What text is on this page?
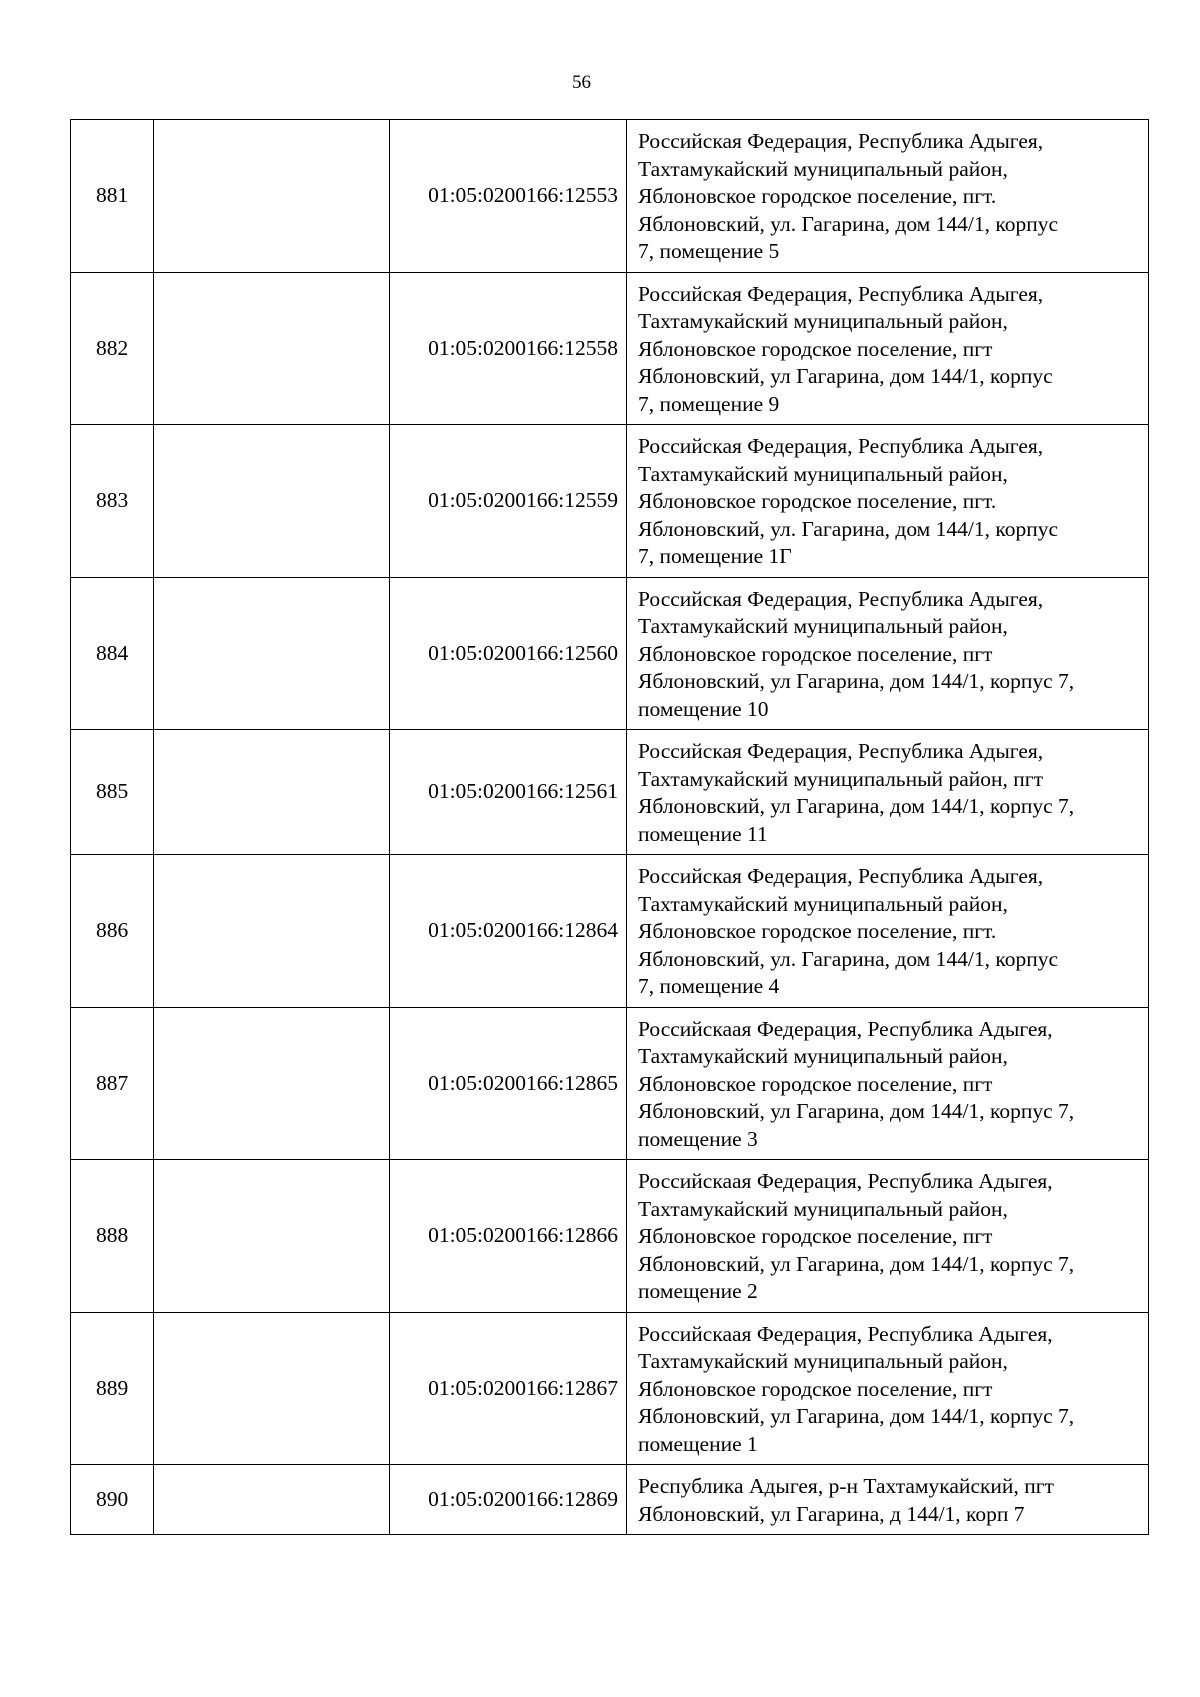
56
881		01:05:0200166:12553	Российская Федерация, Республика Адыгея,
Тахтамукайский муниципальный район,
Яблоновское городское поселение, пгт.
Яблоновский, ул. Гагарина, дом 144/1, корпус
7, помещение 5

882		01:05:0200166:12558	Российская Федерация, Республика Адыгея,
Тахтамукайский муниципальный район,
Яблоновское городское поселение, пгт
Яблоновский, ул Гагарина, дом 144/1, корпус
7, помещение 9

883		01:05:0200166:12559	Российская Федерация, Республика Адыгея,
Тахтамукайский муниципальный район,
Яблоновское городское поселение, пгт.
Яблоновский, ул. Гагарина, дом 144/1, корпус
7, помещение 1Г

884		01:05:0200166:12560	Российская Федерация, Республика Адыгея,
Тахтамукайский муниципальный район,
Яблоновское городское поселение, пгт
Яблоновский, ул Гагарина, дом 144/1, корпус 7,
помещение 10

885		01:05:0200166:12561	Российская Федерация, Республика Адыгея,
Тахтамукайский муниципальный район, пгт
Яблоновский, ул Гагарина, дом 144/1, корпус 7,
помещение 11

886		01:05:0200166:12864	Российская Федерация, Республика Адыгея,
Тахтамукайский муниципальный район,
Яблоновское городское поселение, пгт.
Яблоновский, ул. Гагарина, дом 144/1, корпус
7, помещение 4

887		01:05:0200166:12865	Российскаая Федерация, Республика Адыгея,
Тахтамукайский муниципальный район,
Яблоновское городское поселение, пгт
Яблоновский, ул Гагарина, дом 144/1, корпус 7,
помещение 3

888		01:05:0200166:12866	Российскаая Федерация, Республика Адыгея,
Тахтамукайский муниципальный район,
Яблоновское городское поселение, пгт
Яблоновский, ул Гагарина, дом 144/1, корпус 7,
помещение 2

889		01:05:0200166:12867	Российскаая Федерация, Республика Адыгея,
Тахтамукайский муниципальный район,
Яблоновское городское поселение, пгт
Яблоновский, ул Гагарина, дом 144/1, корпус 7,
помещение 1

890		01:05:0200166:12869	Республика Адыгея, р-н Тахтамукайский, пгт
Яблоновский, ул Гагарина, д 144/1, корп 7
